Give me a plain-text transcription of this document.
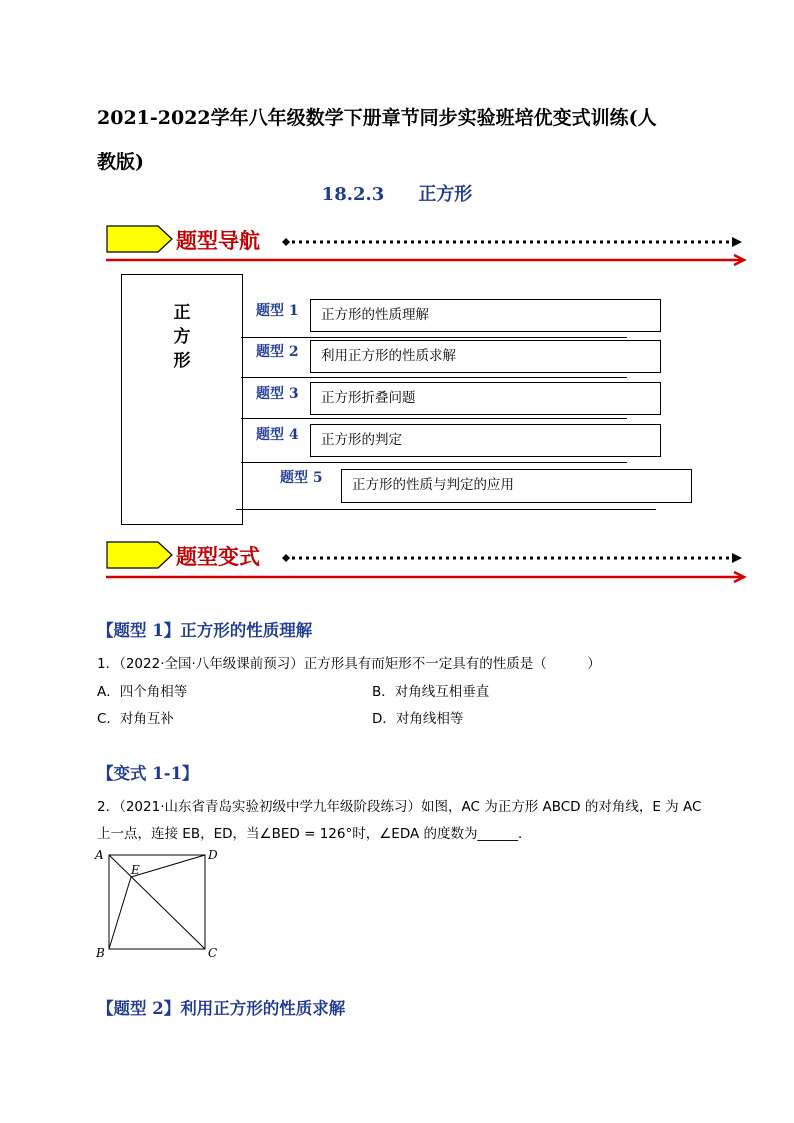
2021-2022学年八年级数学下册章节同步实验班培优变式训练(人
教版)
18.2.3 正方形
题型导航
正
方
形
题型 1	正方形的性质理解
题型 2	利用正方形的性质求解
题型 3	正方形折叠问题
题型 4	正方形的判定
题型 5	正方形的性质与判定的应用
题型变式
【题型 1】正方形的性质理解
1．（2022·全国·八年级课前预习）正方形具有而矩形不一定具有的性质是（　　　）
A．四个角相等	B．对角线互相垂直
C．对角互补	D．对角线相等
【变式 1-1】
2．（2021·山东省青岛实验初级中学九年级阶段练习）如图，AC 为正方形 ABCD 的对角线，E 为 AC
上一点，连接 EB，ED，当∠BED = 126°时，∠EDA 的度数为______．
A	D
E
B	C
【题型 2】利用正方形的性质求解
